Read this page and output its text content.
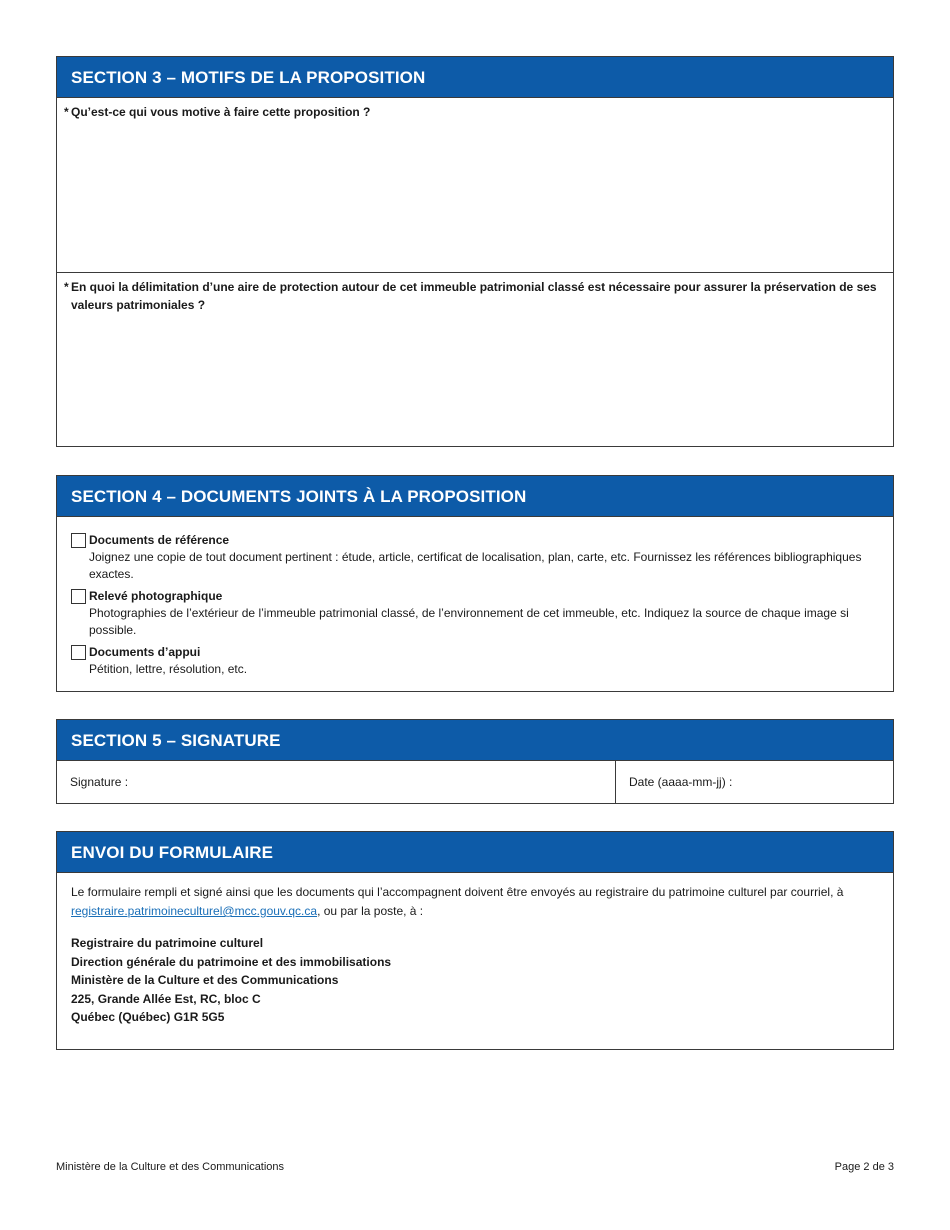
SECTION 3 – MOTIFS DE LA PROPOSITION
* Qu’est-ce qui vous motive à faire cette proposition ?
* En quoi la délimitation d’une aire de protection autour de cet immeuble patrimonial classé est nécessaire pour assurer la préservation de ses valeurs patrimoniales ?
SECTION 4 – DOCUMENTS JOINTS À LA PROPOSITION
Documents de référence
Joignez une copie de tout document pertinent : étude, article, certificat de localisation, plan, carte, etc. Fournissez les références bibliographiques exactes.
Relevé photographique
Photographies de l’extérieur de l’immeuble patrimonial classé, de l’environnement de cet immeuble, etc. Indiquez la source de chaque image si possible.
Documents d’appui
Pétition, lettre, résolution, etc.
SECTION 5 – SIGNATURE
Signature :	Date (aaaa-mm-jj) :
ENVOI DU FORMULAIRE

Le formulaire rempli et signé ainsi que les documents qui l’accompagnent doivent être envoyés au registraire du patrimoine culturel par courriel, à registraire.patrimoineculturel@mcc.gouv.qc.ca, ou par la poste, à :

Registraire du patrimoine culturel
Direction générale du patrimoine et des immobilisations
Ministère de la Culture et des Communications
225, Grande Allée Est, RC, bloc C
Québec (Québec) G1R 5G5
Ministère de la Culture et des Communications	Page 2 de 3
